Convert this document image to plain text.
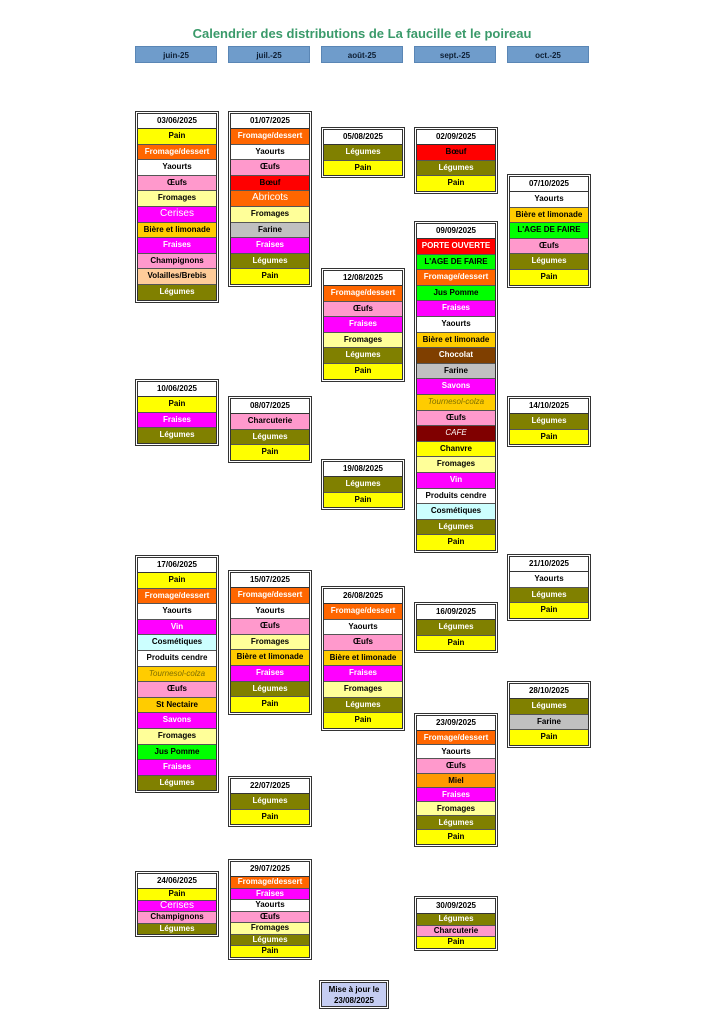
Calendrier des distributions de La faucille et le poireau
juin-25	juil.-25	août-25	sept.-25	oct.-25
Mise à jour le
23/08/2025
03/06/2025
Pain
Fromage/dessert
Yaourts
Œufs
Fromages
Cerises
Bière et limonade
Fraises
Champignons
Volailles/Brebis
Légumes
10/06/2025
Pain
Fraises
Légumes
17/06/2025
Pain
Fromage/dessert
Yaourts
Vin
Cosmétiques
Produits cendre
Tournesol-colza
Œufs
St Nectaire
Savons
Fromages
Jus Pomme
Fraises
Légumes
24/06/2025
Pain
Cerises
Champignons
Légumes
01/07/2025
Fromage/dessert
Yaourts
Œufs
Bœuf
Abricots
Fromages
Farine
Fraises
Légumes
Pain
08/07/2025
Charcuterie
Légumes
Pain
15/07/2025
Fromage/dessert
Yaourts
Œufs
Fromages
Bière et limonade
Fraises
Légumes
Pain
22/07/2025
Légumes
Pain
29/07/2025
Fromage/dessert
Fraises
Yaourts
Œufs
Fromages
Légumes
Pain
05/08/2025
Légumes
Pain
12/08/2025
Fromage/dessert
Œufs
Fraises
Fromages
Légumes
Pain
19/08/2025
Légumes
Pain
26/08/2025
Fromage/dessert
Yaourts
Œufs
Bière et limonade
Fraises
Fromages
Légumes
Pain
02/09/2025
Bœuf
Légumes
Pain
09/09/2025
PORTE OUVERTE
L'AGE DE FAIRE
Fromage/dessert
Jus Pomme
Fraises
Yaourts
Bière et limonade
Chocolat
Farine
Savons
Tournesol-colza
Œufs
CAFE
Chanvre
Fromages
Vin
Produits cendre
Cosmétiques
Légumes
Pain
16/09/2025
Légumes
Pain
23/09/2025
Fromage/dessert
Yaourts
Œufs
Miel
Fraises
Fromages
Légumes
Pain
30/09/2025
Légumes
Charcuterie
Pain
07/10/2025
Yaourts
Bière et limonade
L'AGE DE FAIRE
Œufs
Légumes
Pain
14/10/2025
Légumes
Pain
21/10/2025
Yaourts
Légumes
Pain
28/10/2025
Légumes
Farine
Pain
